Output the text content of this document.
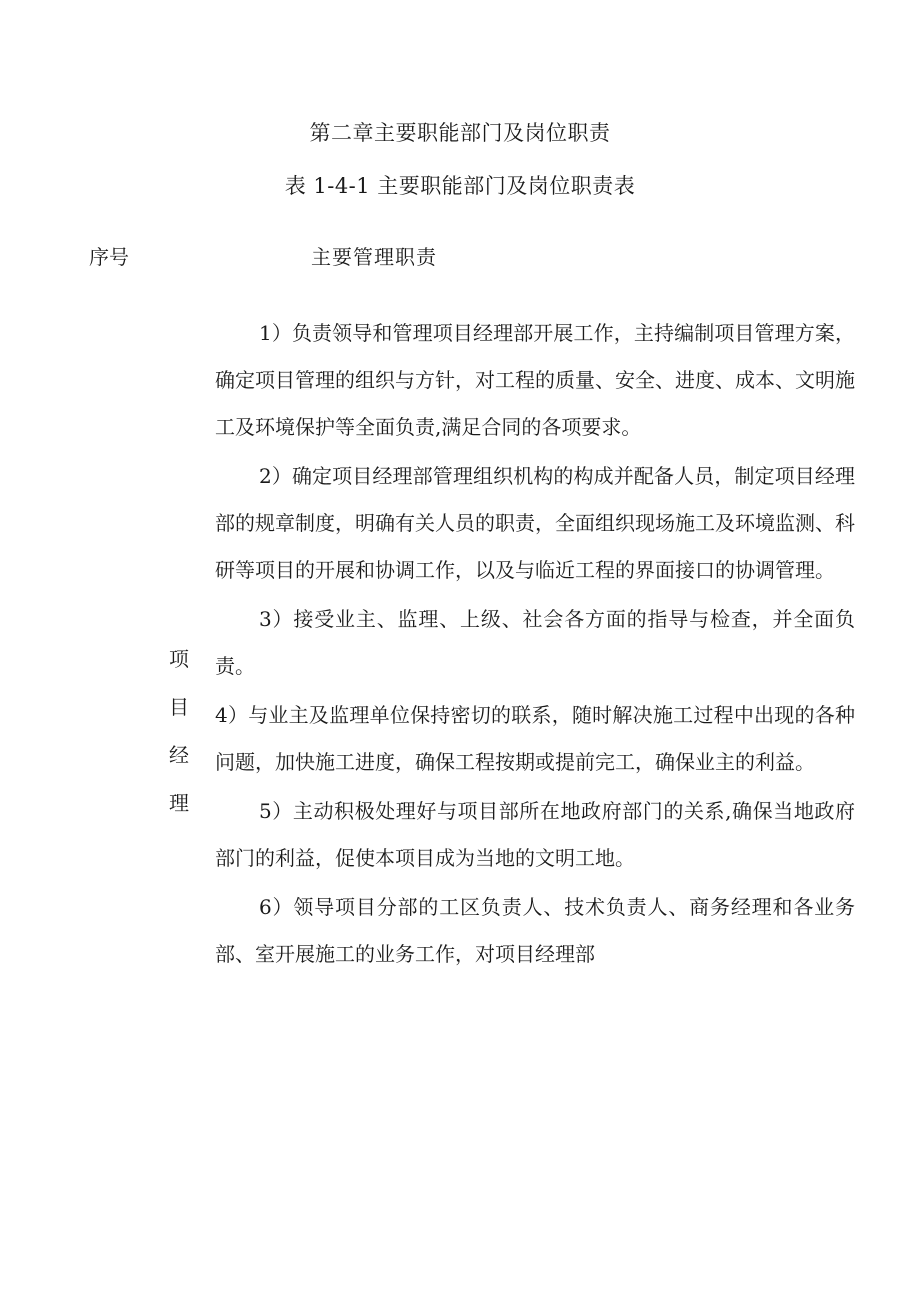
第二章主要职能部门及岗位职责
表 1-4-1 主要职能部门及岗位职责表
序号	主要管理职责
项
目
经
理

1）负责领导和管理项目经理部开展工作，主持编制项目管理方案，确定项目管理的组织与方针，对工程的质量、安全、进度、成本、文明施工及环境保护等全面负责,满足合同的各项要求。

2）确定项目经理部管理组织机构的构成并配备人员，制定项目经理部的规章制度，明确有关人员的职责，全面组织现场施工及环境监测、科研等项目的开展和协调工作，以及与临近工程的界面接口的协调管理。

3）接受业主、监理、上级、社会各方面的指导与检查，并全面负责。

4）与业主及监理单位保持密切的联系，随时解决施工过程中出现的各种问题，加快施工进度，确保工程按期或提前完工，确保业主的利益。

5）主动积极处理好与项目部所在地政府部门的关系,确保当地政府部门的利益，促使本项目成为当地的文明工地。

6）领导项目分部的工区负责人、技术负责人、商务经理和各业务部、室开展施工的业务工作，对项目经理部
